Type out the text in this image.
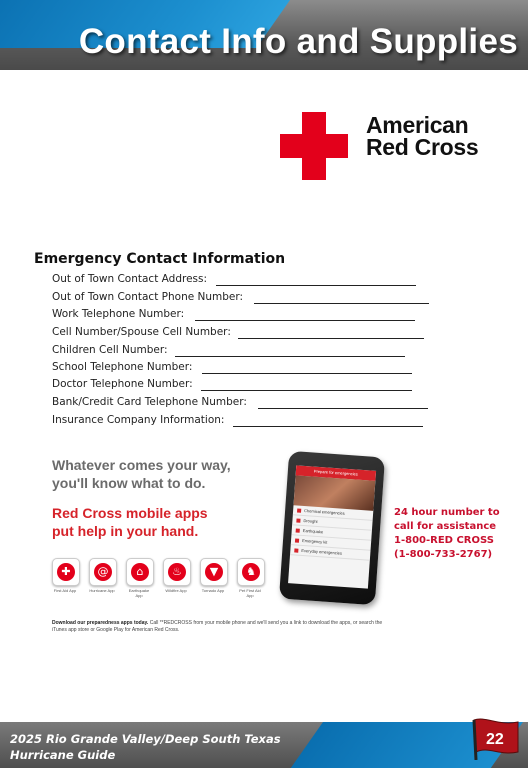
Contact Info and Supplies
American
Red Cross
Emergency Contact Information
Out of Town Contact Address:
Out of Town Contact Phone Number:
Work Telephone Number:
Cell Number/Spouse Cell Number:
Children Cell Number:
School Telephone Number:
Doctor Telephone Number:
Bank/Credit Card Telephone Number:
Insurance Company Information:
Whatever comes your way,
you'll know what to do.
Red Cross mobile apps
put help in your hand.
✚
First Aid App
@
Hurricane App
⌂
Earthquake App
♨
Wildfire App
▼
Tornado App
♞
Pet First Aid App
Download our preparedness apps today. Call **REDCROSS from your mobile phone and we'll send you a link to download the apps, or search the iTunes app store or Google Play for American Red Cross.
Prepare for emergencies
Chemical emergencies
Drought
Earthquake
Emergency kit
Everyday emergencies
24 hour number to
call for assistance
1-800-RED CROSS
(1-800-733-2767)
2025 Rio Grande Valley/Deep South Texas
Hurricane Guide
22
